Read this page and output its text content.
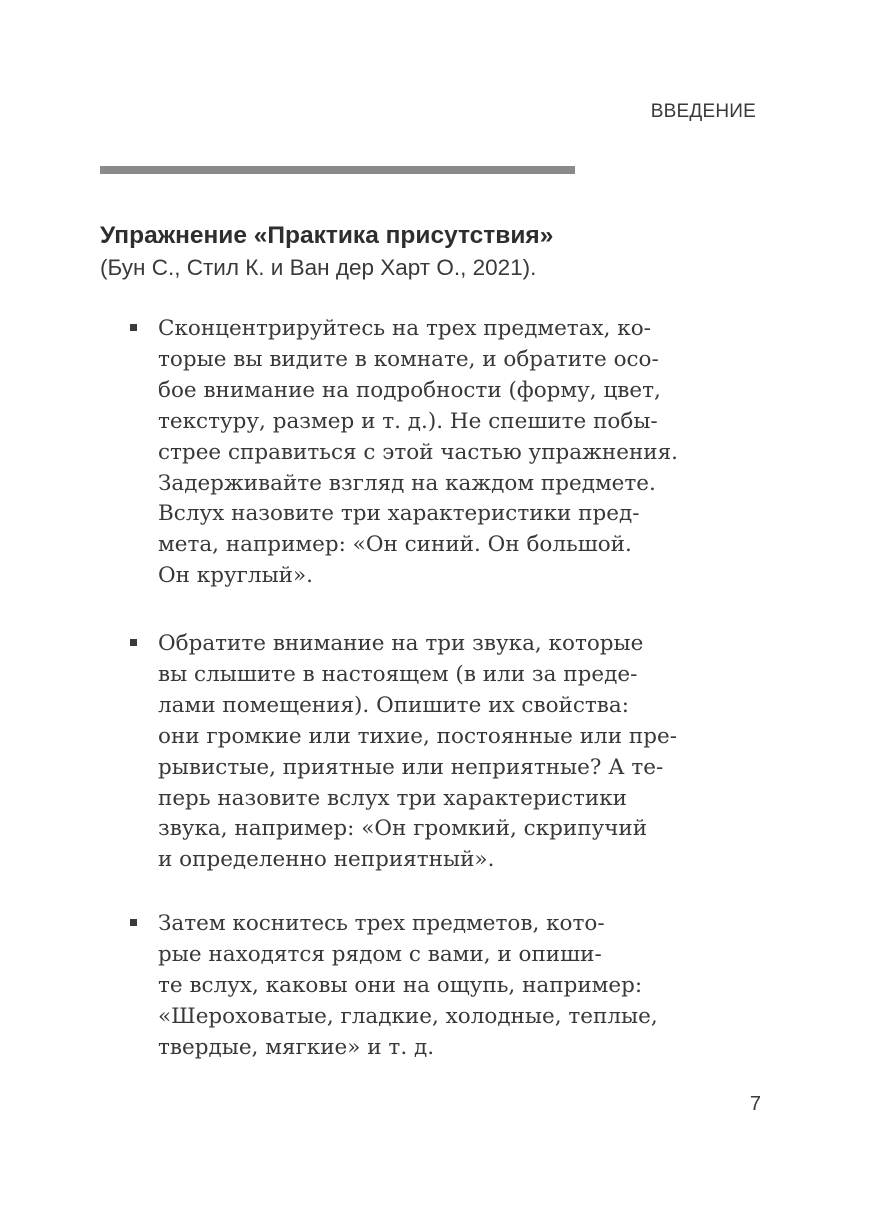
ВВЕДЕНИЕ
Упражнение «Практика присутствия»

(Бун С., Стил К. и Ван дер Харт О., 2021).

Сконцентрируйтесь на трех предметах, ко-
торые вы видите в комнате, и обратите осо-
бое внимание на подробности (форму, цвет,
текстуру, размер и т. д.). Не спешите побы-
стрее справиться с этой частью упражнения.
Задерживайте взгляд на каждом предмете.
Вслух назовите три характеристики пред-
мета, например: «Он синий. Он большой.
Он круглый».

Обратите внимание на три звука, которые
вы слышите в настоящем (в или за преде-
лами помещения). Опишите их свойства:
они громкие или тихие, постоянные или пре-
рывистые, приятные или неприятные? А те-
перь назовите вслух три характеристики
звука, например: «Он громкий, скрипучий
и определенно неприятный».

Затем коснитесь трех предметов, кото-
рые находятся рядом с вами, и опиши-
те вслух, каковы они на ощупь, например:
«Шероховатые, гладкие, холодные, теплые,
твердые, мягкие» и т. д.

7
